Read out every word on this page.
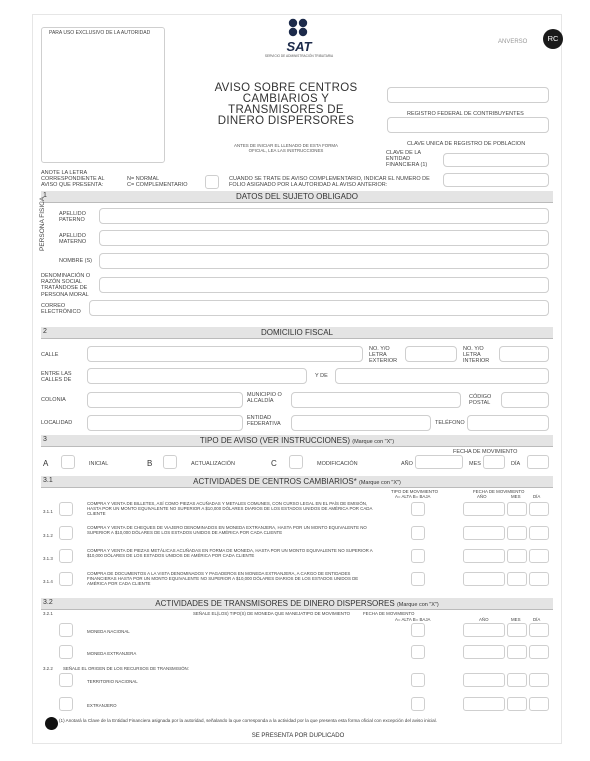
PARA USO EXCLUSIVO DE LA AUTORIDAD
SAT
SERVICIO DE ADMINISTRACIÓN TRIBUTARIA
ANVERSO	RC
AVISO SOBRE CENTROS CAMBIARIOS Y TRANSMISORES DE DINERO DISPERSORES
ANTES DE INICIAR EL LLENADO DE ESTA FORMA OFICIAL, LEA LAS INSTRUCCIONES
REGISTRO FEDERAL DE CONTRIBUYENTES
CLAVE UNICA DE REGISTRO DE POBLACION
CLAVE DE LA ENTIDAD FINANCIERA (1)
ANOTE LA LETRA CORRESPONDIENTE AL AVISO QUE PRESENTA:
N= NORMAL
C= COMPLEMENTARIO
CUANDO SE TRATE DE AVISO COMPLEMENTARIO, INDICAR EL NUMERO DE FOLIO ASIGNADO POR LA AUTORIDAD AL AVISO ANTERIOR:
1	DATOS DEL SUJETO OBLIGADO
PERSONA FISICA APELLIDO PATERNO
APELLIDO MATERNO
NOMBRE (S)
DENOMINACIÓN O RAZÓN SOCIAL TRATÁNDOSE DE PERSONA MORAL
CORREO ELECTRÓNICO
2	DOMICILIO FISCAL
CALLE
NO. Y/O LETRA EXTERIOR
NO. Y/O LETRA INTERIOR
ENTRE LAS CALLES DE
Y DE
COLONIA
MUNICIPIO O ALCALDÍA
CÓDIGO POSTAL
LOCALIDAD
ENTIDAD FEDERATIVA	TELÉFONO
3	TIPO DE AVISO (VER INSTRUCCIONES) (Marque con "X")
FECHA DE MOVIMIENTO
A	INICIAL	B	ACTUALIZACIÓN	C	MODIFICACIÓN	AÑO	MES	DÍA
3.1	ACTIVIDADES DE CENTROS CAMBIARIOS* (Marque con "X")
TIPO DE MOVIMIENTO
A= ALTA B= BAJA
FECHA DE MOVIMIENTO
AÑO	MES	DÍA
3.1.1
COMPRA Y VENTA DE BILLETES, ASÍ COMO PIEZAS ACUÑADAS Y METALES COMUNES, CON CURSO LEGAL EN EL PAÍS DE EMISIÓN, HASTA POR UN MONTO EQUIVALENTE NO SUPERIOR A $10,000 DÓLARES DIARIOS DE LOS ESTADOS UNIDOS DE AMÉRICA POR CADA CLIENTE
3.1.2
COMPRA Y VENTA DE CHEQUES DE VIAJERO DENOMINADOS EN MONEDA EXTRANJERA, HASTA POR UN MONTO EQUIVALENTE NO SUPERIOR A $10,000 DÓLARES DE LOS ESTADOS UNIDOS DE AMÉRICA POR CADA CLIENTE
3.1.3
COMPRA Y VENTA DE PIEZAS METÁLICAS ACUÑADAS EN FORMA DE MONEDA, HASTA POR UN MONTO EQUIVALENTE NO SUPERIOR A $10,000 DÓLARES DE LOS ESTADOS UNIDOS DE AMÉRICA POR CADA CLIENTE
3.1.4
COMPRA DE DOCUMENTOS A LA VISTA DENOMINADOS Y PAGADEROS EN MONEDA EXTRANJERA, A CARGO DE ENTIDADES FINANCIERAS HASTA POR UN MONTO EQUIVALENTE NO SUPERIOR A $10,000 DÓLARES DIARIOS DE LOS ESTADOS UNIDOS DE AMÉRICA POR CADA CLIENTE
3.2	ACTIVIDADES DE TRANSMISORES DE DINERO DISPERSORES (Marque con "X")
3.2.1	SEÑALE EL(LOS) TIPO(S) DE MONEDA QUE MANEJA:
TIPO DE MOVIMIENTO	FECHA DE MOVIMIENTO
A= ALTA B= BAJA	AÑO	MES	DÍA
MONEDA NACIONAL
MONEDA EXTRANJERA
3.2.2 SEÑALE EL ORIGEN DE LOS RECURSOS DE TRANSMISIÓN:
TERRITORIO NACIONAL
EXTRANJERO
(1) Anotará la Clave de la Entidad Financiera asignada por la autoridad, señalando la que corresponda a la actividad por la que presenta esta forma oficial con excepción del aviso inicial.
SE PRESENTA POR DUPLICADO
